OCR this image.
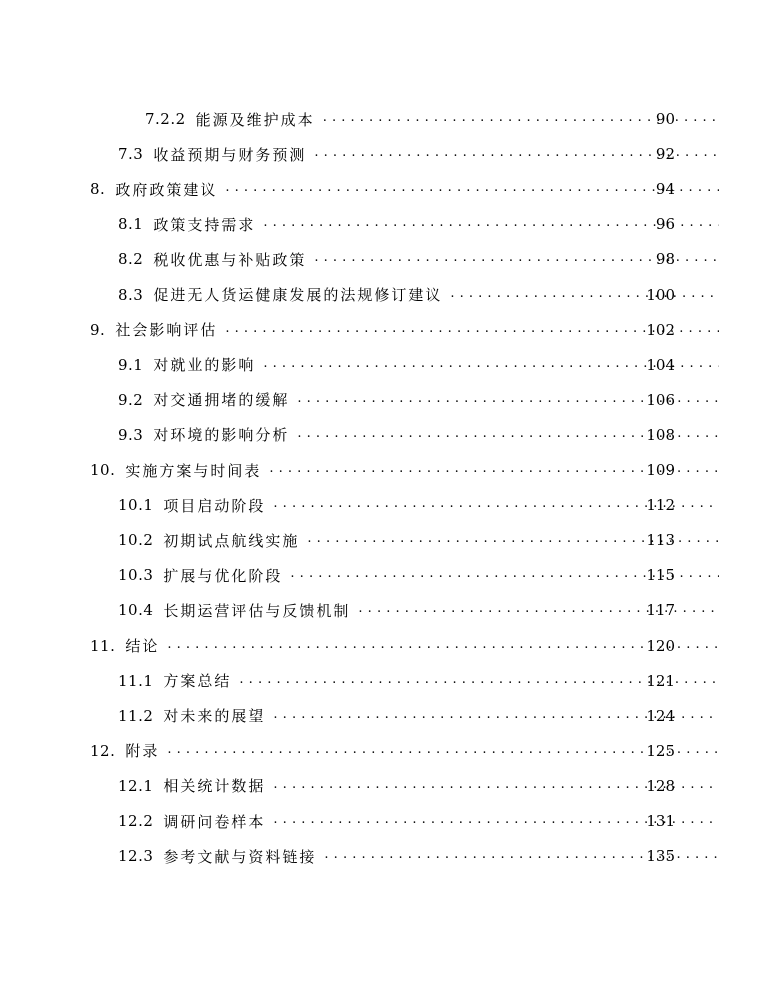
7.2.2 能源及维护成本 . . .	90
7.3 收益预期与财务预测 . . .	92
8. 政府政策建议 . . .	94
8.1 政策支持需求 . . .	96
8.2 税收优惠与补贴政策 . . .	98
8.3 促进无人货运健康发展的法规修订建议 . . .	100
9. 社会影响评估 . . .	102
9.1 对就业的影响 . . .	104
9.2 对交通拥堵的缓解 . . .	106
9.3 对环境的影响分析 . . .	108
10. 实施方案与时间表 . . .	109
10.1 项目启动阶段 . . .	112
10.2 初期试点航线实施 . . .	113
10.3 扩展与优化阶段 . . .	115
10.4 长期运营评估与反馈机制 . . .	117
11. 结论 . . .	120
11.1 方案总结 . . .	121
11.2 对未来的展望 . . .	124
12. 附录 . . .	125
12.1 相关统计数据 . . .	128
12.2 调研问卷样本 . . .	131
12.3 参考文献与资料链接 . . .	135
